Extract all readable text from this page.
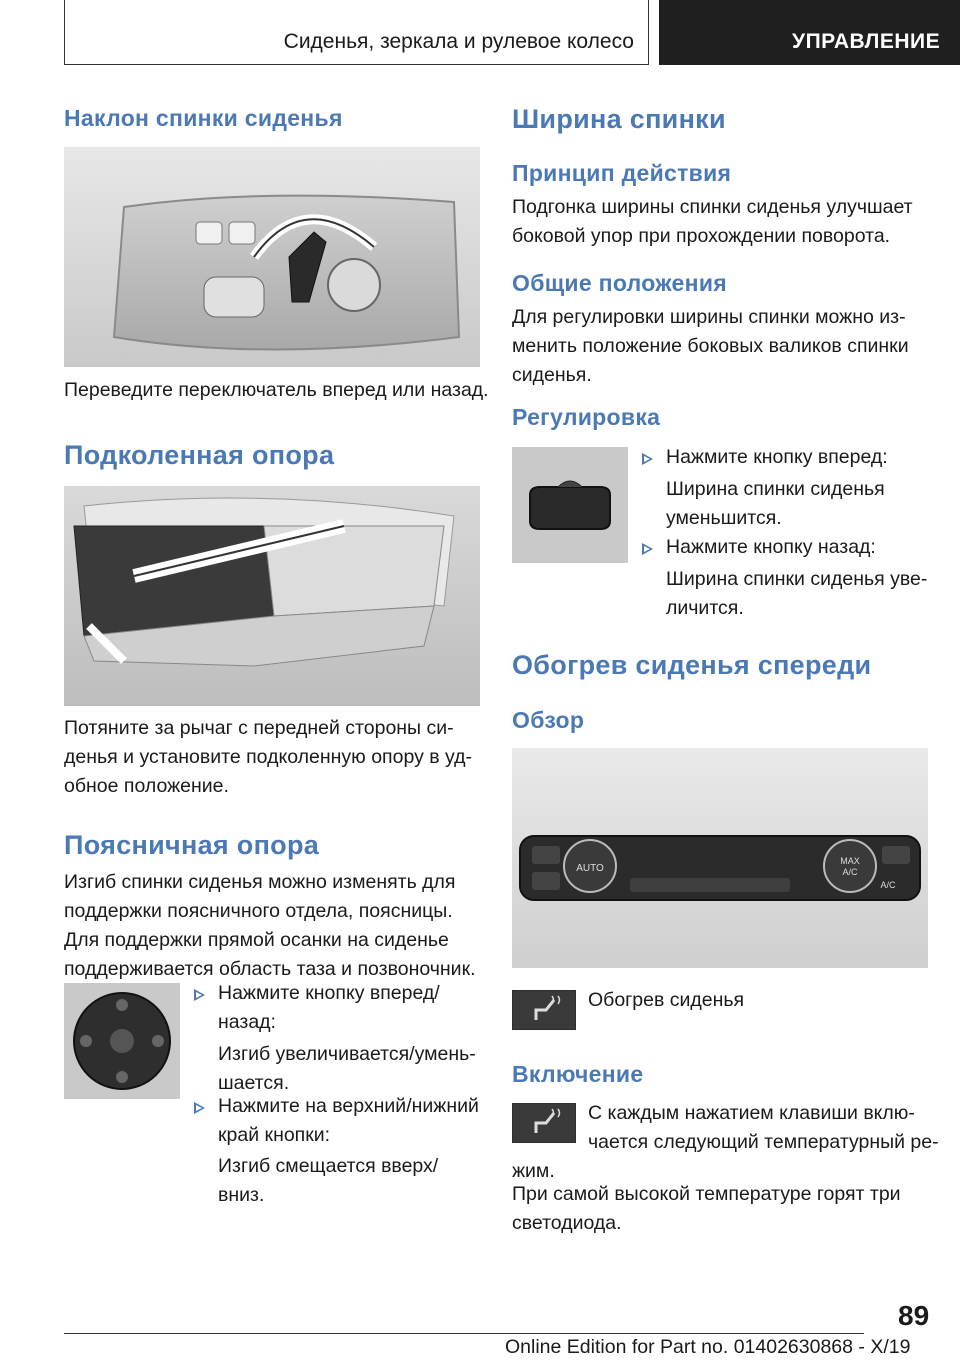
Сиденья, зеркала и рулевое колесо	УПРАВЛЕНИЕ
Наклон спинки сиденья
Переведите переключатель вперед или назад.
Подколенная опора
Потяните за рычаг с передней стороны си-
денья и установите подколенную опору в уд-
обное положение.
Поясничная опора
Изгиб спинки сиденья можно изменять для
поддержки поясничного отдела, поясницы.
Для поддержки прямой осанки на сиденье
поддерживается область таза и позвоночник.
Нажмите кнопку вперед/
назад:
Изгиб увеличивается/умень-
шается.
Нажмите на верхний/нижний
край кнопки:
Изгиб смещается вверх/
вниз.
Ширина спинки
Принцип действия
Подгонка ширины спинки сиденья улучшает
боковой упор при прохождении поворота.
Общие положения
Для регулировки ширины спинки можно из-
менить положение боковых валиков спинки
сиденья.
Регулировка
Нажмите кнопку вперед:
Ширина спинки сиденья
уменьшится.
Нажмите кнопку назад:
Ширина спинки сиденья уве-
личится.
Обогрев сиденья спереди
Обзор
AUTO
MAX
A/C
A/C
Обогрев сиденья
Включение
С каждым нажатием клавиши вклю-
чается следующий температурный ре-
жим.
При самой высокой температуре горят три
светодиода.
89
Online Edition for Part no. 01402630868 - X/19
